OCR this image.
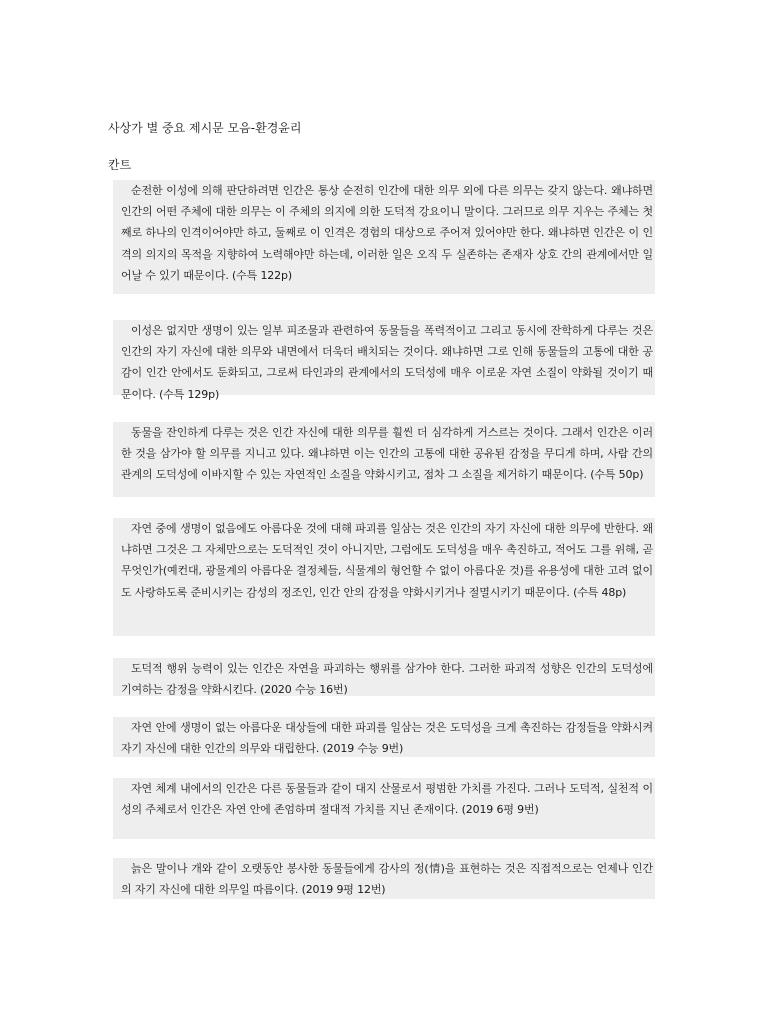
사상가 별 중요 제시문 모음-환경윤리
칸트
순전한 이성에 의해 판단하려면 인간은 통상 순전히 인간에 대한 의무 외에 다른 의무는 갖지 않는다. 왜냐하면 인간의 어떤 주체에 대한 의무는 이 주체의 의지에 의한 도덕적 강요이니 말이다. 그러므로 의무 지우는 주체는 첫째로 하나의 인격이어야만 하고, 둘째로 이 인격은 경험의 대상으로 주어져 있어야만 한다. 왜냐하면 인간은 이 인격의 의지의 목적을 지향하여 노력해야만 하는데, 이러한 일은 오직 두 실존하는 존재자 상호 간의 관계에서만 일어날 수 있기 때문이다. (수특 122p)
이성은 없지만 생명이 있는 일부 피조물과 관련하여 동물들을 폭력적이고 그리고 동시에 잔학하게 다루는 것은 인간의 자기 자신에 대한 의무와 내면에서 더욱더 배치되는 것이다. 왜냐하면 그로 인해 동물들의 고통에 대한 공감이 인간 안에서도 둔화되고, 그로써 타인과의 관계에서의 도덕성에 매우 이로운 자연 소질이 약화될 것이기 때문이다. (수특 129p)
동물을 잔인하게 다루는 것은 인간 자신에 대한 의무를 훨씬 더 심각하게 거스르는 것이다. 그래서 인간은 이러한 것을 삼가야 할 의무를 지니고 있다. 왜냐하면 이는 인간의 고통에 대한 공유된 감정을 무디게 하며, 사람 간의 관계의 도덕성에 이바지할 수 있는 자연적인 소질을 약화시키고, 점차 그 소질을 제거하기 때문이다. (수특 50p)
자연 중에 생명이 없음에도 아름다운 것에 대해 파괴를 일삼는 것은 인간의 자기 자신에 대한 의무에 반한다. 왜냐하면 그것은 그 자체만으로는 도덕적인 것이 아니지만, 그럼에도 도덕성을 매우 촉진하고, 적어도 그를 위해, 곧 무엇인가(예컨대, 광물계의 아름다운 결정체들, 식물계의 형언할 수 없이 아름다운 것)를 유용성에 대한 고려 없이도 사랑하도록 준비시키는 감성의 정조인, 인간 안의 감정을 약화시키거나 절멸시키기 때문이다. (수특 48p)
도덕적 행위 능력이 있는 인간은 자연을 파괴하는 행위를 삼가야 한다. 그러한 파괴적 성향은 인간의 도덕성에 기여하는 감정을 약화시킨다. (2020 수능 16번)
자연 안에 생명이 없는 아름다운 대상들에 대한 파괴를 일삼는 것은 도덕성을 크게 촉진하는 감정들을 약화시켜 자기 자신에 대한 인간의 의무와 대립한다. (2019 수능 9번)
자연 체계 내에서의 인간은 다른 동물들과 같이 대지 산물로서 평범한 가치를 가진다. 그러나 도덕적, 실천적 이성의 주체로서 인간은 자연 안에 존엄하며 절대적 가치를 지닌 존재이다. (2019 6평 9번)
늙은 말이나 개와 같이 오랫동안 봉사한 동물들에게 감사의 정(情)을 표현하는 것은 직접적으로는 언제나 인간의 자기 자신에 대한 의무일 따름이다. (2019 9평 12번)
